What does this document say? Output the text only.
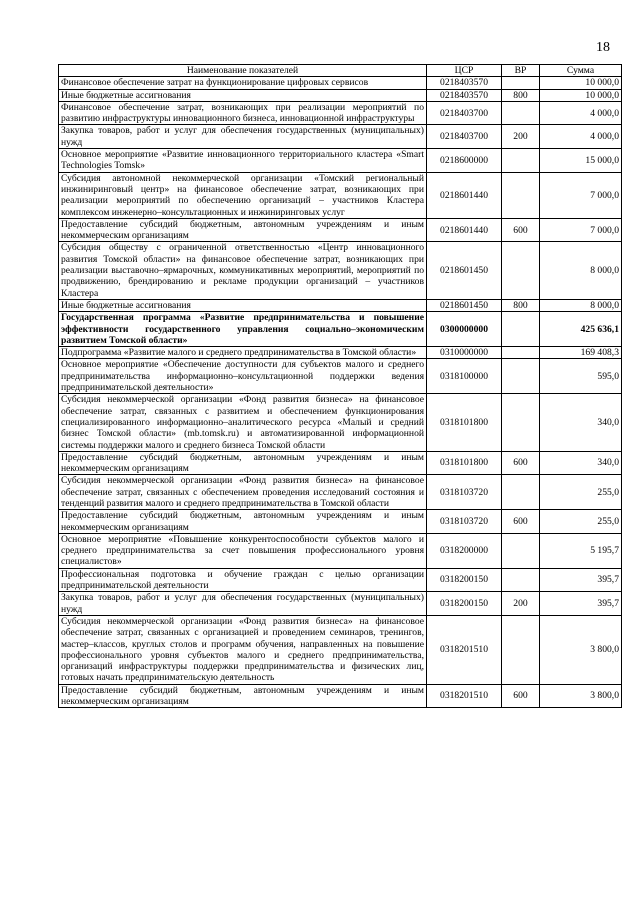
18
Наименование показателей	ЦСР	ВР	Сумма
Финансовое обеспечение затрат на функционирование цифровых сервисов	0218403570		10 000,0
Иные бюджетные ассигнования	0218403570	800	10 000,0
Финансовое обеспечение затрат, возникающих при реализации мероприятий по развитию инфраструктуры инновационного бизнеса, инновационной инфраструктуры	0218403700		4 000,0
Закупка товаров, работ и услуг для обеспечения государственных (муниципальных) нужд	0218403700	200	4 000,0
Основное мероприятие «Развитие инновационного территориального кластера «Smart Technologies Tomsk»	0218600000		15 000,0
Субсидия автономной некоммерческой организации «Томский региональный инжиниринговый центр» на финансовое обеспечение затрат, возникающих при реализации мероприятий по обеспечению организаций – участников Кластера комплексом инженерно–консультационных и инжиниринговых услуг	0218601440		7 000,0
Предоставление субсидий бюджетным, автономным учреждениям и иным некоммерческим организациям	0218601440	600	7 000,0
Субсидия обществу с ограниченной ответственностью «Центр инновационного развития Томской области» на финансовое обеспечение затрат, возникающих при реализации выставочно–ярмарочных, коммуникативных мероприятий, мероприятий по продвижению, брендированию и рекламе продукции организаций – участников Кластера	0218601450		8 000,0
Иные бюджетные ассигнования	0218601450	800	8 000,0
Государственная программа «Развитие предпринимательства и повышение эффективности государственного управления социально–экономическим развитием Томской области»	0300000000		425 636,1
Подпрограмма «Развитие малого и среднего предпринимательства в Томской области»	0310000000		169 408,3
Основное мероприятие «Обеспечение доступности для субъектов малого и среднего предпринимательства информационно–консультационной поддержки ведения предпринимательской деятельности»	0318100000		595,0
Субсидия некоммерческой организации «Фонд развития бизнеса» на финансовое обеспечение затрат, связанных с развитием и обеспечением функционирования специализированного информационно–аналитического ресурса «Малый и средний бизнес Томской области» (mb.tomsk.ru) и автоматизированной информационной системы поддержки малого и среднего бизнеса Томской области	0318101800		340,0
Предоставление субсидий бюджетным, автономным учреждениям и иным некоммерческим организациям	0318101800	600	340,0
Субсидия некоммерческой организации «Фонд развития бизнеса» на финансовое обеспечение затрат, связанных с обеспечением проведения исследований состояния и тенденций развития малого и среднего предпринимательства в Томской области	0318103720		255,0
Предоставление субсидий бюджетным, автономным учреждениям и иным некоммерческим организациям	0318103720	600	255,0
Основное мероприятие «Повышение конкурентоспособности субъектов малого и среднего предпринимательства за счет повышения профессионального уровня специалистов»	0318200000		5 195,7
Профессиональная подготовка и обучение граждан с целью организации предпринимательской деятельности	0318200150		395,7
Закупка товаров, работ и услуг для обеспечения государственных (муниципальных) нужд	0318200150	200	395,7
Субсидия некоммерческой организации «Фонд развития бизнеса» на финансовое обеспечение затрат, связанных с организацией и проведением семинаров, тренингов, мастер–классов, круглых столов и программ обучения, направленных на повышение профессионального уровня субъектов малого и среднего предпринимательства, организаций инфраструктуры поддержки предпринимательства и физических лиц, готовых начать предпринимательскую деятельность	0318201510		3 800,0
Предоставление субсидий бюджетным, автономным учреждениям и иным некоммерческим организациям	0318201510	600	3 800,0
